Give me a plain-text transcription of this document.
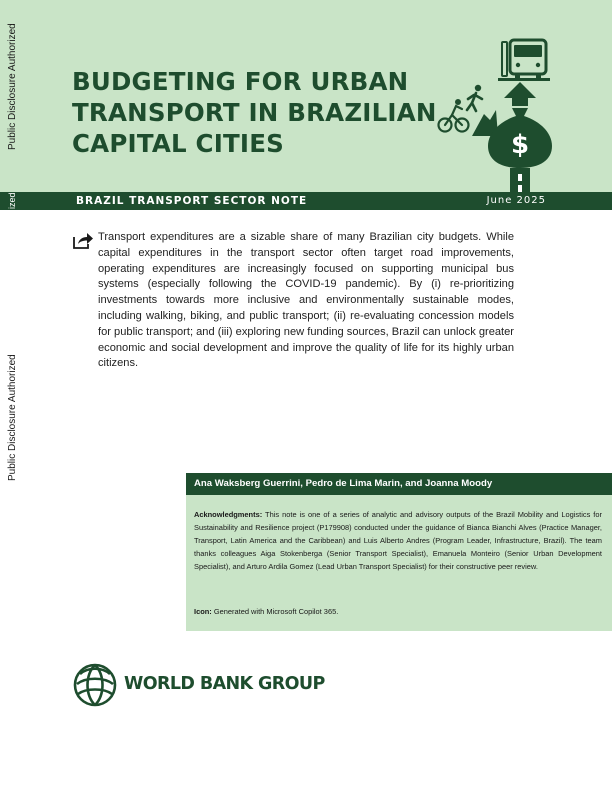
BUDGETING FOR URBAN
TRANSPORT IN BRAZILIAN
CAPITAL CITIES	$
Public Disclosure Authorized
Public Disclosure Authorized
ized	BRAZIL TRANSPORT SECTOR NOTE	June 2025

Transport expenditures are a sizable share of many Brazilian city budgets. While capital expenditures in the transport sector often target road improvements, operating expenditures are increasingly focused on supporting municipal bus systems (especially following the COVID-19 pandemic). By (i) re-prioritizing investments towards more inclusive and environmentally sustainable modes, including walking, biking, and public transport; (ii) re-evaluating concession models for public transport; and (iii) exploring new funding sources, Brazil can unlock greater economic and social development and improve the quality of life for its highly urban citizens.

Ana Waksberg Guerrini, Pedro de Lima Marin, and Joanna Moody

Acknowledgments: This note is one of a series of analytic and advisory outputs of the Brazil Mobility and Logistics for Sustainability and Resilience project (P179908) conducted under the guidance of Bianca Bianchi Alves (Practice Manager, Transport, Latin America and the Caribbean) and Luis Alberto Andres (Program Leader, Infrastructure, Brazil). The team thanks colleagues Aiga Stokenberga (Senior Transport Specialist), Emanuela Monteiro (Senior Urban Development Specialist), and Arturo Ardila Gomez (Lead Urban Transport Specialist) for their constructive peer review.

Icon: Generated with Microsoft Copilot 365.
WORLD BANK GROUP
